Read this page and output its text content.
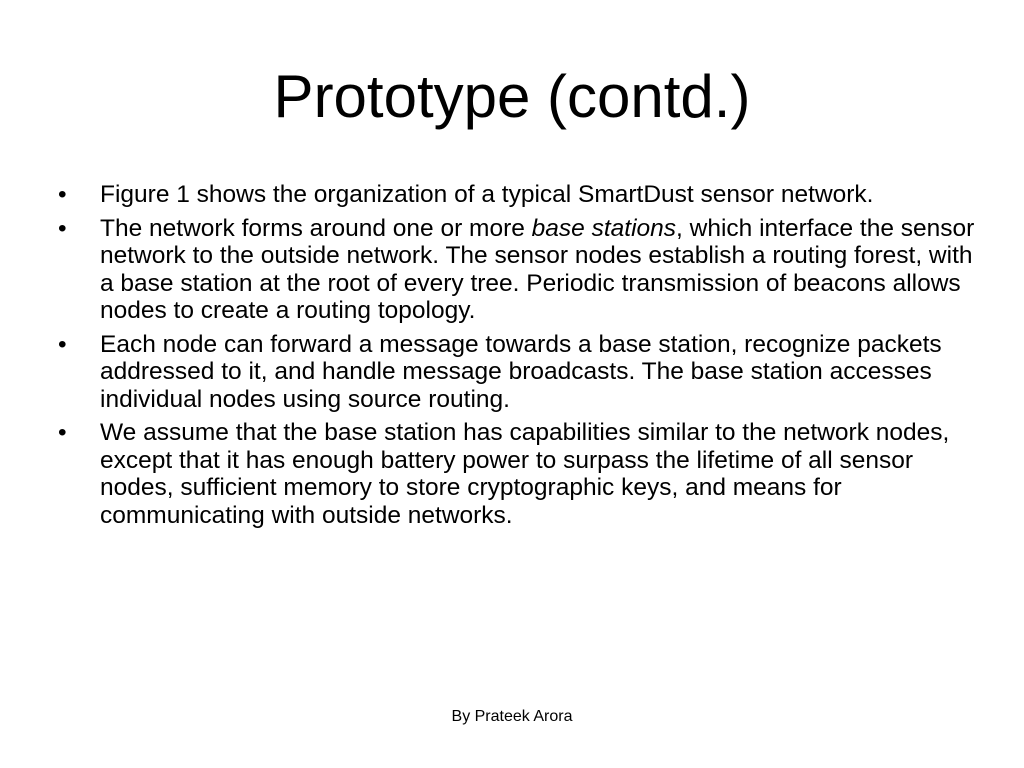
Prototype (contd.)
• Figure 1 shows the organization of a typical SmartDust sensor network.
• The network forms around one or more base stations, which interface the sensor network to the outside network. The sensor nodes establish a routing forest, with a base station at the root of every tree. Periodic transmission of beacons allows nodes to create a routing topology.
• Each node can forward a message towards a base station, recognize packets addressed to it, and handle message broadcasts. The base station accesses individual nodes using source routing.
• We assume that the base station has capabilities similar to the network nodes, except that it has enough battery power to surpass the lifetime of all sensor nodes, sufficient memory to store cryptographic keys, and means for communicating with outside networks.
By Prateek Arora
